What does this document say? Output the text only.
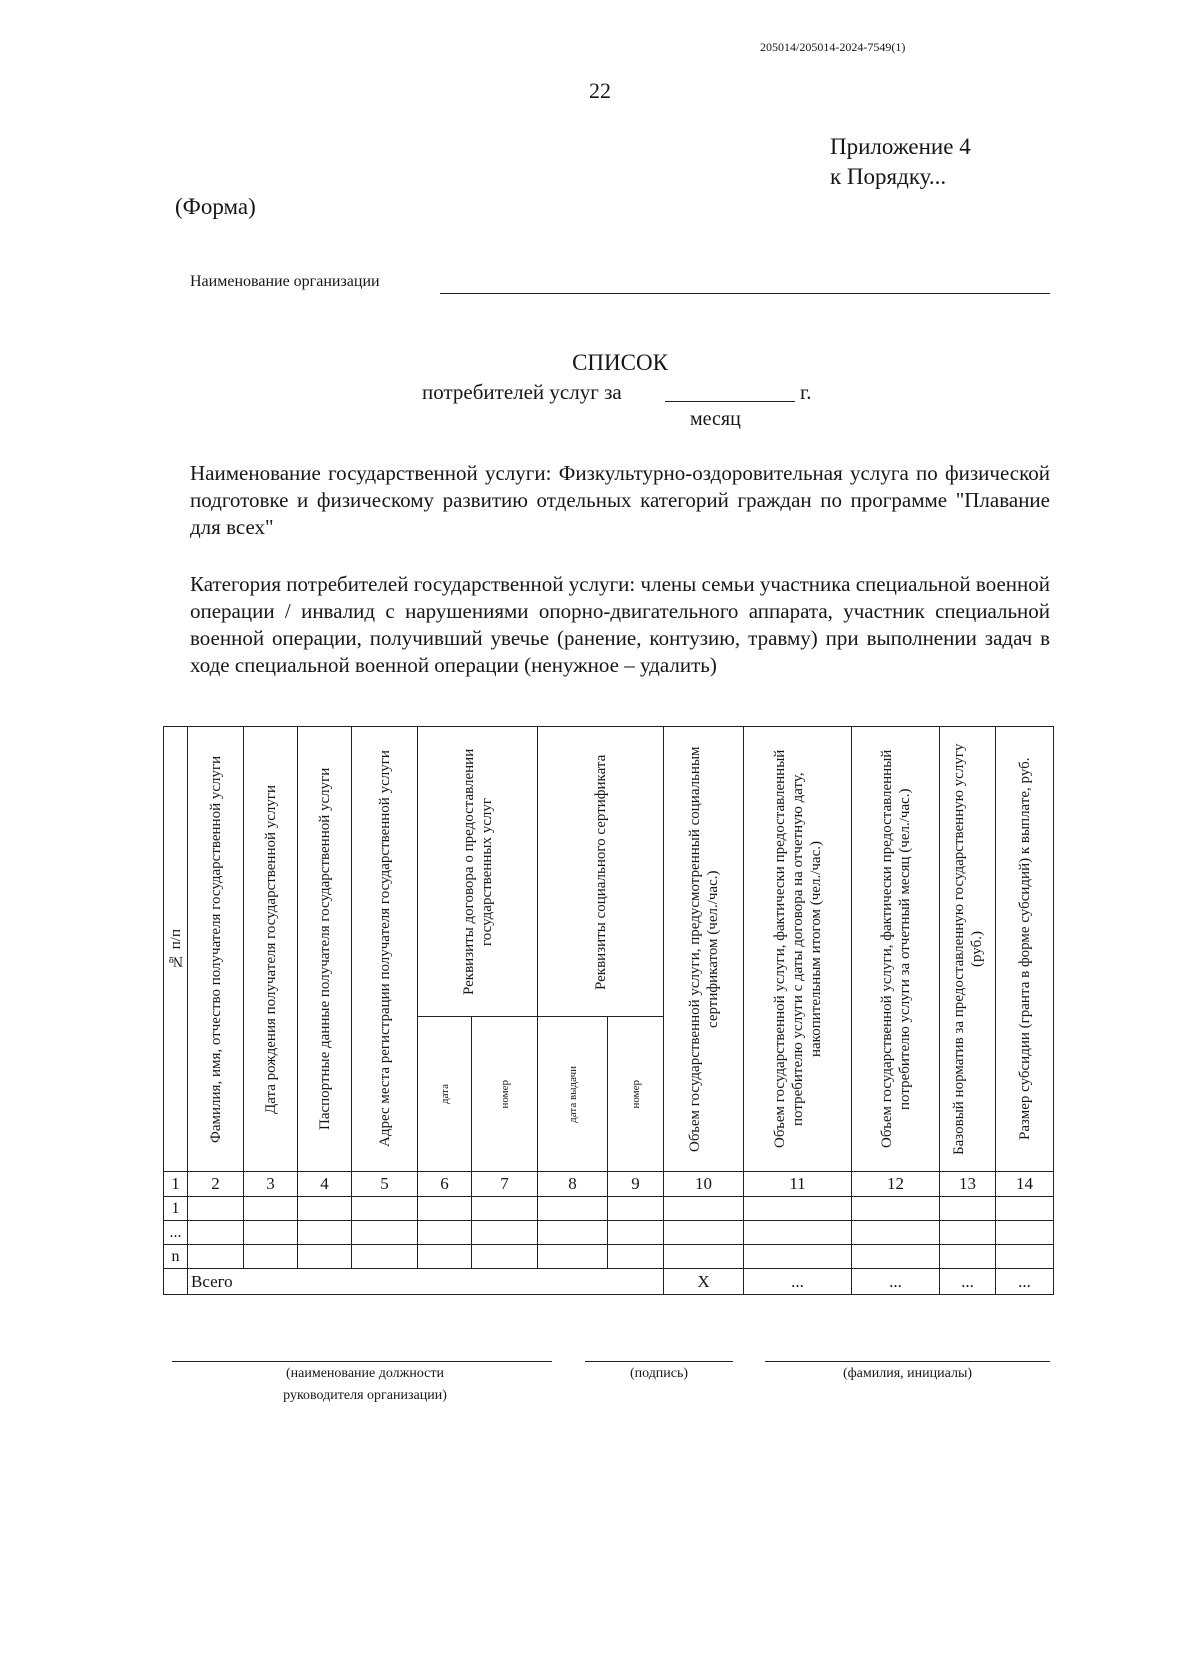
205014/205014-2024-7549(1)
22
Приложение 4
к Порядку...
(Форма)
Наименование организации
СПИСОК
потребителей услуг за	г.
месяц
Наименование государственной услуги: Физкультурно-оздоровительная услуга по физической подготовке и физическому развитию отдельных категорий граждан по программе "Плавание для всех"
Категория потребителей государственной услуги: члены семьи участника специальной военной операции / инвалид с нарушениями опорно-двигательного аппарата, участник специальной военной операции, получивший увечье (ранение, контузию, травму) при выполнении задач в ходе специальной военной операции (ненужное – удалить)
№ п/п	Фамилия, имя, отчество получателя государственной услуги	Дата рождения получателя государственной услуги	Паспортные данные получателя государственной услуги	Адрес места регистрации получателя государственной услуги	Реквизиты договора о предоставлении государственных услуг		Реквизиты социального сертификата		Объем государственной услуги, предусмотренный социальным сертификатом (чел./час.)	Объем государственной услуги, фактически предоставленный потребителю услуги с даты договора на отчетную дату, накопительным итогом (чел./час.)	Объем государственной услуги, фактически предоставленный потребителю услуги за отчетный месяц (чел./час.)	Базовый норматив за предоставленную государственную услугу (руб.)	Размер субсидии (гранта в форме субсидий) к выплате, руб.

					дата	номер	дата выдачи	номер					

1	2	3	4	5	6	7	8	9	10	11	12	13	14
1													
...													
n													
	Всего								Х	...	...	...	...
(наименование должности
руководителя организации)
(подпись)	(фамилия, инициалы)
